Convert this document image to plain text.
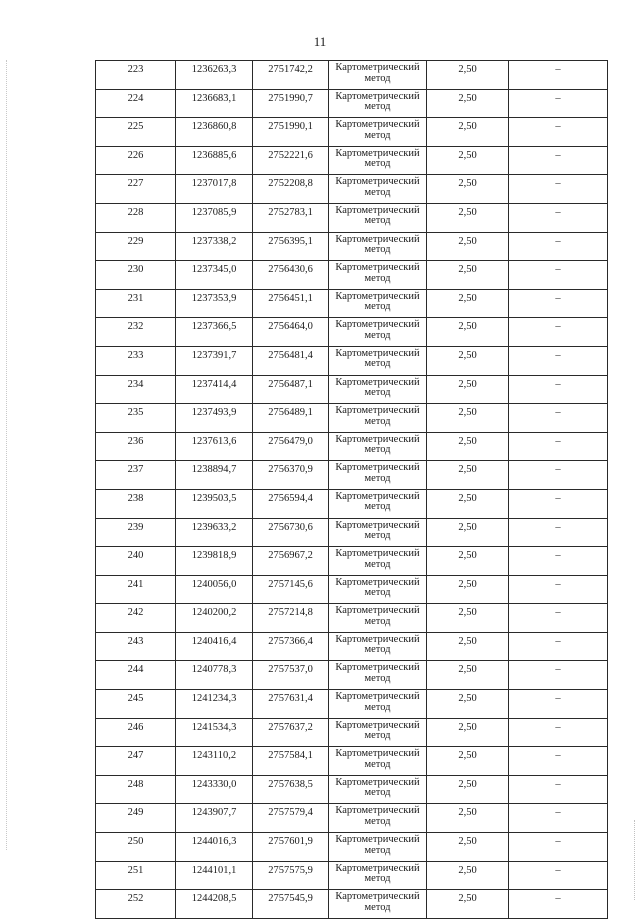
11
223	1236263,3	2751742,2	Картометрический метод	2,50	–
224	1236683,1	2751990,7	Картометрический метод	2,50	–
225	1236860,8	2751990,1	Картометрический метод	2,50	–
226	1236885,6	2752221,6	Картометрический метод	2,50	–
227	1237017,8	2752208,8	Картометрический метод	2,50	–
228	1237085,9	2752783,1	Картометрический метод	2,50	–
229	1237338,2	2756395,1	Картометрический метод	2,50	–
230	1237345,0	2756430,6	Картометрический метод	2,50	–
231	1237353,9	2756451,1	Картометрический метод	2,50	–
232	1237366,5	2756464,0	Картометрический метод	2,50	–
233	1237391,7	2756481,4	Картометрический метод	2,50	–
234	1237414,4	2756487,1	Картометрический метод	2,50	–
235	1237493,9	2756489,1	Картометрический метод	2,50	–
236	1237613,6	2756479,0	Картометрический метод	2,50	–
237	1238894,7	2756370,9	Картометрический метод	2,50	–
238	1239503,5	2756594,4	Картометрический метод	2,50	–
239	1239633,2	2756730,6	Картометрический метод	2,50	–
240	1239818,9	2756967,2	Картометрический метод	2,50	–
241	1240056,0	2757145,6	Картометрический метод	2,50	–
242	1240200,2	2757214,8	Картометрический метод	2,50	–
243	1240416,4	2757366,4	Картометрический метод	2,50	–
244	1240778,3	2757537,0	Картометрический метод	2,50	–
245	1241234,3	2757631,4	Картометрический метод	2,50	–
246	1241534,3	2757637,2	Картометрический метод	2,50	–
247	1243110,2	2757584,1	Картометрический метод	2,50	–
248	1243330,0	2757638,5	Картометрический метод	2,50	–
249	1243907,7	2757579,4	Картометрический метод	2,50	–
250	1244016,3	2757601,9	Картометрический метод	2,50	–
251	1244101,1	2757575,9	Картометрический метод	2,50	–
252	1244208,5	2757545,9	Картометрический метод	2,50	–
